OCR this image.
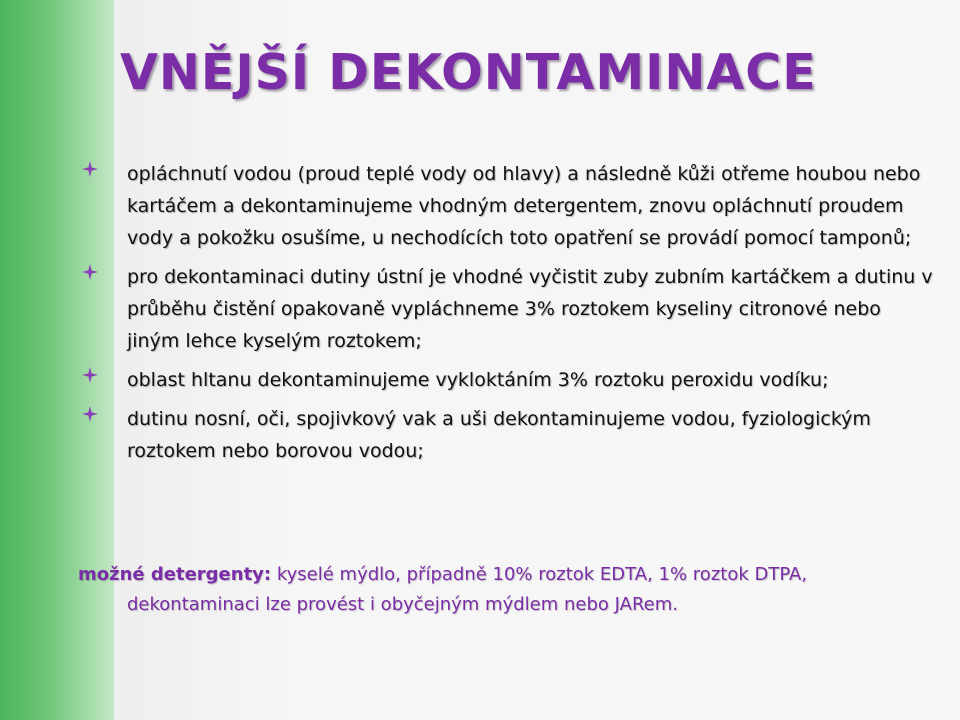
VNĚJŠÍ DEKONTAMINACE
opláchnutí vodou (proud teplé vody od hlavy) a následně kůži otřeme houbou nebo kartáčem a dekontaminujeme vhodným detergentem, znovu opláchnutí proudem vody a pokožku osušíme, u nechodících toto opatření se provádí pomocí tamponů;
pro dekontaminaci dutiny ústní je vhodné vyčistit zuby zubním kartáčkem a dutinu v průběhu čistění opakovaně vypláchneme 3% roztokem kyseliny citronové nebo jiným lehce kyselým roztokem;
oblast hltanu dekontaminujeme vykloktáním 3% roztoku peroxidu vodíku;
dutinu nosní, oči, spojivkový vak a uši dekontaminujeme vodou, fyziologickým roztokem nebo borovou vodou;
možné detergenty: kyselé mýdlo, případně 10% roztok EDTA, 1% roztok DTPA,
dekontaminaci lze provést i obyčejným mýdlem nebo JARem.
